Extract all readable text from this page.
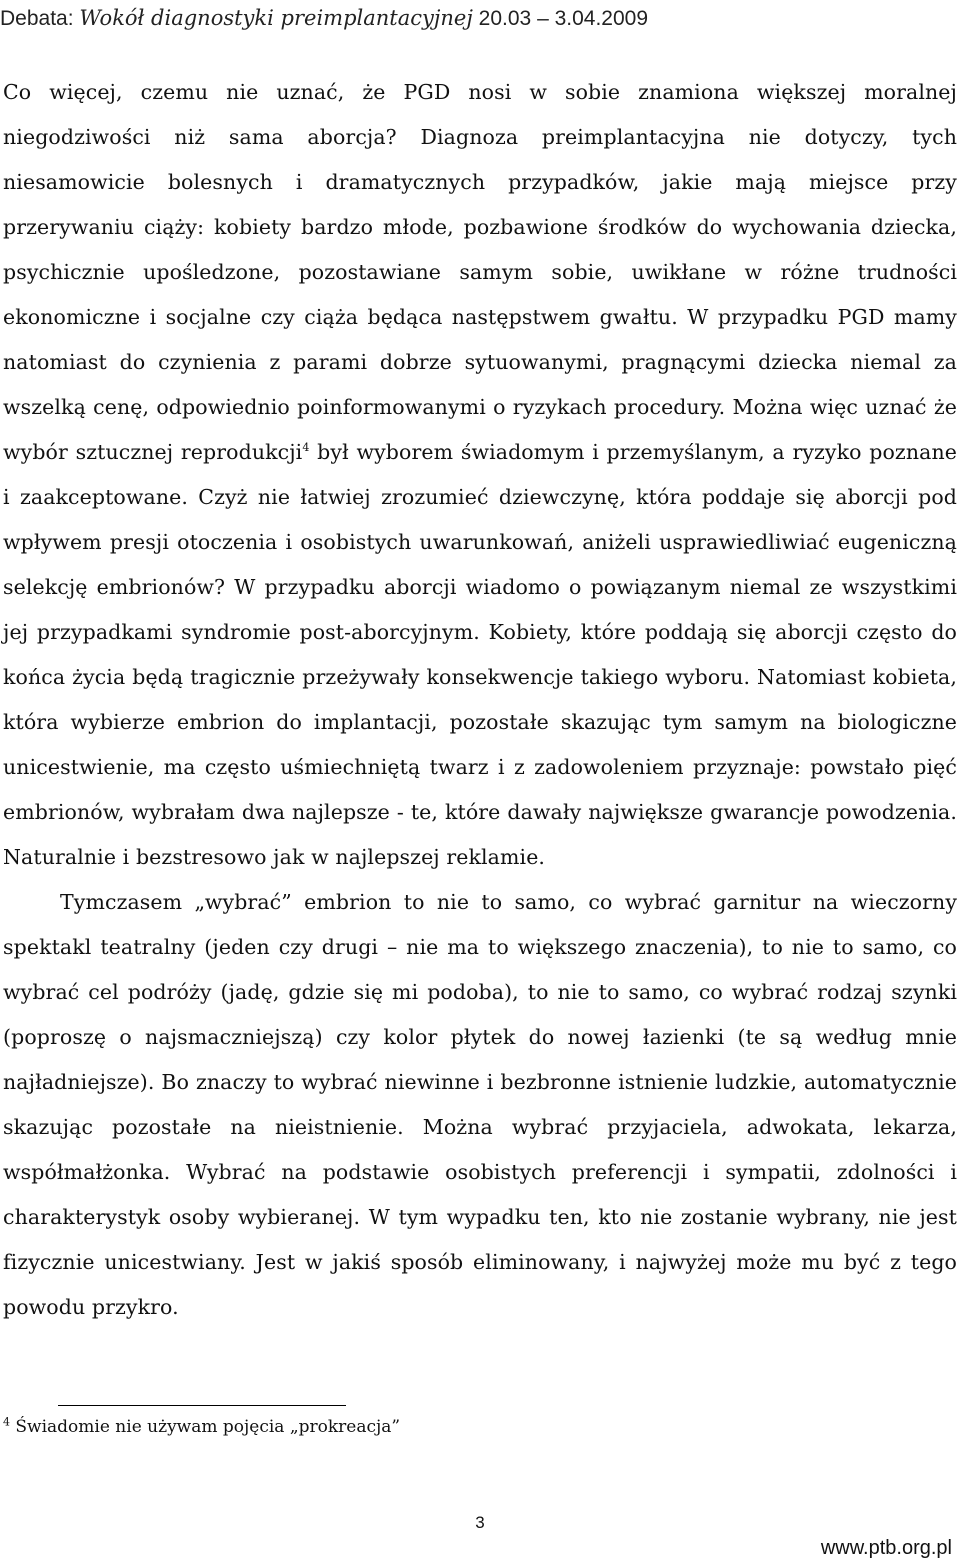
Debata: Wokół diagnostyki preimplantacyjnej 20.03 – 3.04.2009

Co więcej, czemu nie uznać, że PGD nosi w sobie znamiona większej moralnej niegodziwości niż sama aborcja? Diagnoza preimplantacyjna nie dotyczy, tych niesamowicie bolesnych i dramatycznych przypadków, jakie mają miejsce przy przerywaniu ciąży: kobiety bardzo młode, pozbawione środków do wychowania dziecka, psychicznie upośledzone, pozostawiane samym sobie, uwikłane w różne trudności ekonomiczne i socjalne czy ciąża będąca następstwem gwałtu. W przypadku PGD mamy natomiast do czynienia z parami dobrze sytuowanymi, pragnącymi dziecka niemal za wszelką cenę, odpowiednio poinformowanymi o ryzykach procedury. Można więc uznać że wybór sztucznej reprodukcji$^4$ był wyborem świadomym i przemyślanym, a ryzyko poznane i zaakceptowane. Czyż nie łatwiej zrozumieć dziewczynę, która poddaje się aborcji pod wpływem presji otoczenia i osobistych uwarunkowań, aniżeli usprawiedliwiać eugeniczną selekcję embrionów? W przypadku aborcji wiadomo o powiązanym niemal ze wszystkimi jej przypadkami syndromie post-aborcyjnym. Kobiety, które poddają się aborcji często do końca życia będą tragicznie przeżywały konsekwencje takiego wyboru. Natomiast kobieta, która wybierze embrion do implantacji, pozostałe skazując tym samym na biologiczne unicestwienie, ma często uśmiechniętą twarz i z zadowoleniem przyznaje: powstało pięć embrionów, wybrałam dwa najlepsze - te, które dawały największe gwarancje powodzenia. Naturalnie i bezstresowo jak w najlepszej reklamie.

Tymczasem „wybrać” embrion to nie to samo, co wybrać garnitur na wieczorny spektakl teatralny (jeden czy drugi – nie ma to większego znaczenia), to nie to samo, co wybrać cel podróży (jadę, gdzie się mi podoba), to nie to samo, co wybrać rodzaj szynki (poproszę o najsmaczniejszą) czy kolor płytek do nowej łazienki (te są według mnie najładniejsze). Bo znaczy to wybrać niewinne i bezbronne istnienie ludzkie, automatycznie skazując pozostałe na nieistnienie. Można wybrać przyjaciela, adwokata, lekarza, współmałżonka. Wybrać na podstawie osobistych preferencji i sympatii, zdolności i charakterystyk osoby wybieranej. W tym wypadku ten, kto nie zostanie wybrany, nie jest fizycznie unicestwiany. Jest w jakiś sposób eliminowany, i najwyżej może mu być z tego powodu przykro.

$^4$ Świadomie nie używam pojęcia „prokreacja”
3
www.ptb.org.pl
